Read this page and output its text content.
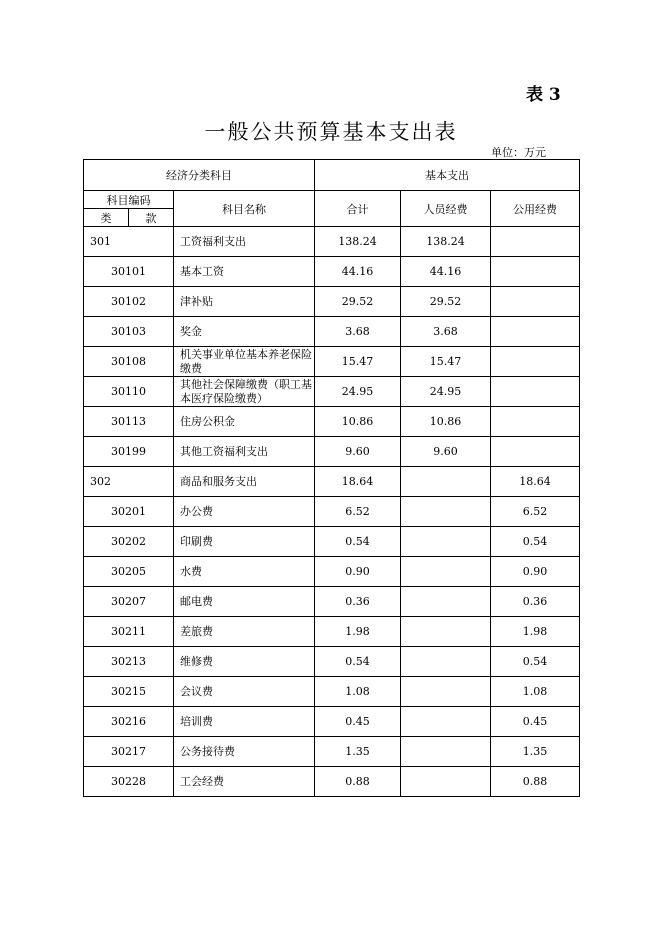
表 3
一般公共预算基本支出表
单位：万元
经济分类科目			基本支出		
科目编码		科目名称	合计	人员经费	公用经费
类	款				
301		工资福利支出	138.24	138.24	
30101		基本工资	44.16	44.16	
30102		津补贴	29.52	29.52	
30103		奖金	3.68	3.68	
30108		机关事业单位基本养老保险缴费	15.47	15.47	
30110		其他社会保障缴费（职工基本医疗保险缴费）	24.95	24.95	
30113		住房公积金	10.86	10.86	
30199		其他工资福利支出	9.60	9.60	
302		商品和服务支出	18.64		18.64
30201		办公费	6.52		6.52
30202		印刷费	0.54		0.54
30205		水费	0.90		0.90
30207		邮电费	0.36		0.36
30211		差旅费	1.98		1.98
30213		维修费	0.54		0.54
30215		会议费	1.08		1.08
30216		培训费	0.45		0.45
30217		公务接待费	1.35		1.35
30228		工会经费	0.88		0.88
